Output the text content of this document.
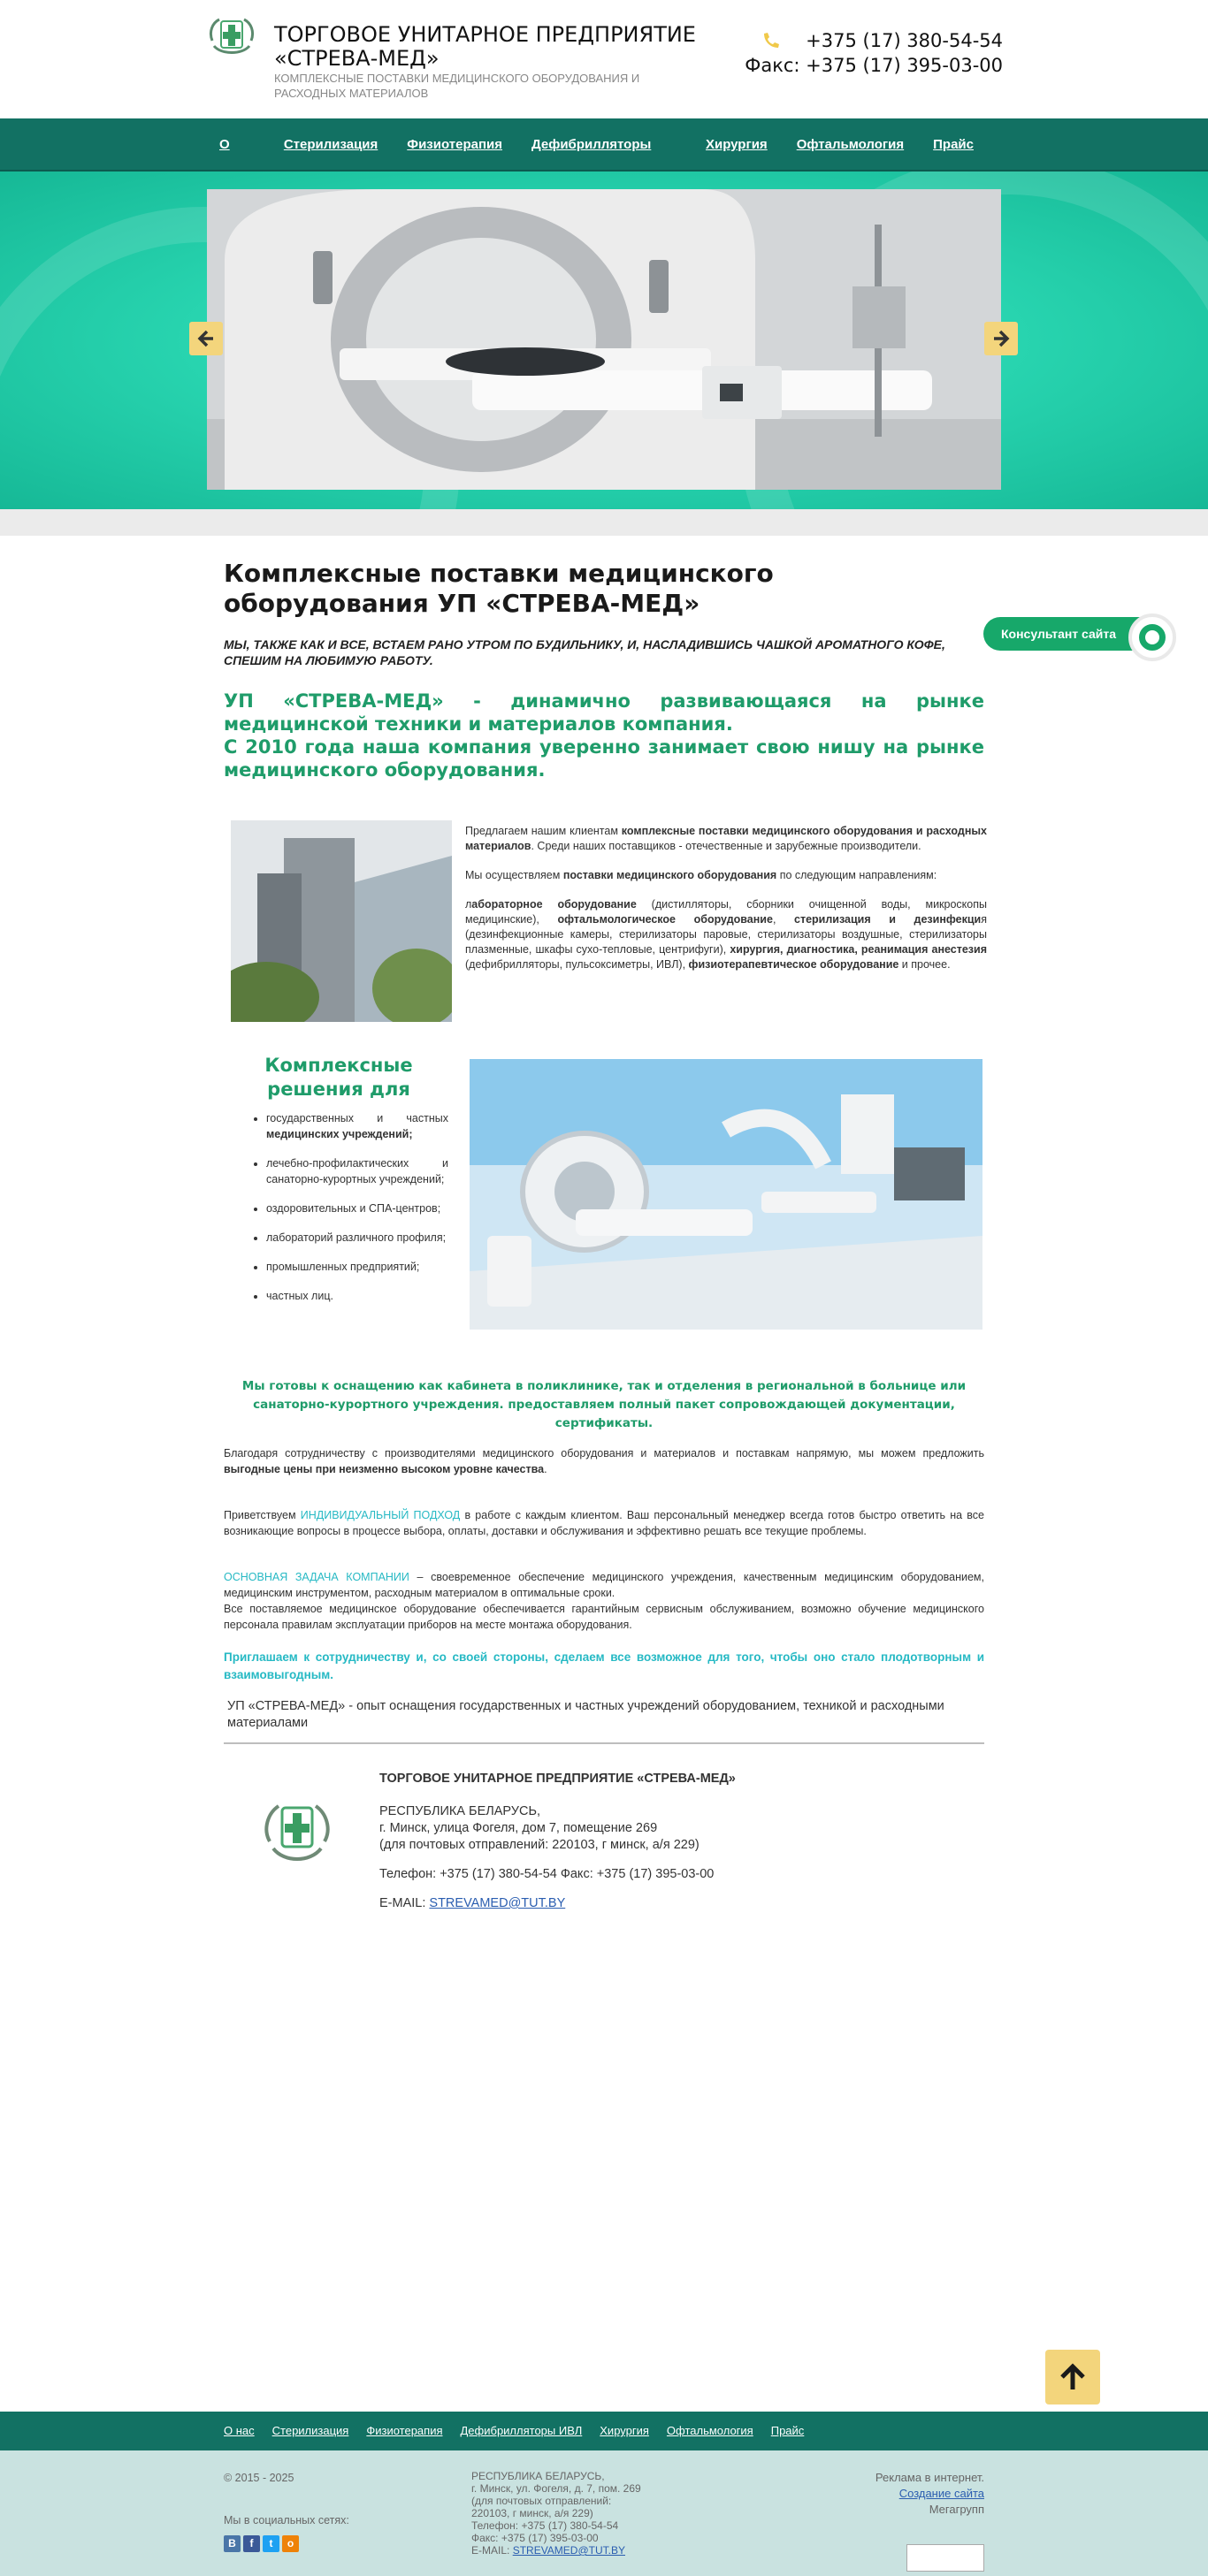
ТОРГОВОЕ УНИТАРНОЕ ПРЕДПРИЯТИЕ
«СТРЕВА-МЕД»
КОМПЛЕКСНЫЕ ПОСТАВКИ МЕДИЦИНСКОГО ОБОРУДОВАНИЯ И РАСХОДНЫХ МАТЕРИАЛОВ
+375 (17) 380-54-54
Факс: +375 (17) 395-03-00
О	Стерилизация Физиотерапия Дефибрилляторы	Хирургия Офтальмология Прайс
Консультант сайта
Комплексные поставки медицинского оборудования УП «СТРЕВА-МЕД»

МЫ, ТАКЖЕ КАК И ВСЕ, ВСТАЕМ РАНО УТРОМ ПО БУДИЛЬНИКУ, И, НАСЛАДИВШИСЬ ЧАШКОЙ АРОМАТНОГО КОФЕ, СПЕШИМ НА ЛЮБИМУЮ РАБОТУ.

УП «СТРЕВА-МЕД» - динамично развивающаяся на рынке медицинской техники и материалов компания.
С 2010 года наша компания уверенно занимает свою нишу на рынке медицинского оборудования.

Предлагаем нашим клиентам комплексные поставки медицинского оборудования и расходных материалов. Среди наших поставщиков - отечественные и зарубежные производители.

Мы осуществляем поставки медицинского оборудования по следующим направлениям:

лабораторное оборудование (дистилляторы, сборники очищенной воды, микроскопы медицинские), офтальмологическое оборудование, стерилизация и дезинфекция (дезинфекционные камеры, стерилизаторы паровые, стерилизаторы воздушные, стерилизаторы плазменные, шкафы сухо-тепловые, центрифуги), хирургия, диагностика, реанимация анестезия (дефибрилляторы, пульсоксиметры, ИВЛ), физиотерапевтическое оборудование и прочее.

Комплексные решения для
• государственных и частных медицинских учреждений;
• лечебно-профилактических и санаторно-курортных учреждений;
• оздоровительных и СПА-центров;
• лабораторий различного профиля;
• промышленных предприятий;
• частных лиц.

Мы готовы к оснащению как кабинета в поликлинике, так и отделения в региональной в больнице или санаторно-курортного учреждения. предоставляем полный пакет сопровождающей документации, сертификаты.

Благодаря сотрудничеству с производителями медицинского оборудования и материалов и поставкам напрямую, мы можем предложить выгодные цены при неизменно высоком уровне качества.

Приветствуем ИНДИВИДУАЛЬНЫЙ ПОДХОД в работе с каждым клиентом. Ваш персональный менеджер всегда готов быстро ответить на все возникающие вопросы в процессе выбора, оплаты, доставки и обслуживания и эффективно решать все текущие проблемы.

ОСНОВНАЯ ЗАДАЧА КОМПАНИИ – своевременное обеспечение медицинского учреждения, качественным медицинским оборудованием, медицинским инструментом, расходным материалом в оптимальные сроки.
Все поставляемое медицинское оборудование обеспечивается гарантийным сервисным обслуживанием, возможно обучение медицинского персонала правилам эксплуатации приборов на месте монтажа оборудования.

Приглашаем к сотрудничеству и, со своей стороны, сделаем все возможное для того, чтобы оно стало плодотворным и взаимовыгодным.

УП «СТРЕВА-МЕД» - опыт оснащения государственных и частных учреждений оборудованием, техникой и расходными материалами

ТОРГОВОЕ УНИТАРНОЕ ПРЕДПРИЯТИЕ «СТРЕВА-МЕД»
РЕСПУБЛИКА БЕЛАРУСЬ,
г. Минск, улица Фогеля, дом 7, помещение 269
(для почтовых отправлений: 220103, г минск, а/я 229)
Телефон: +375 (17) 380-54-54 Факс: +375 (17) 395-03-00
E-MAIL: STREVAMED@TUT.BY
О нас Стерилизация Физиотерапия Дефибрилляторы ИВЛ Хирургия Офтальмология Прайс
© 2015 - 2025
Мы в социальных сетях:
В	f	t	o
РЕСПУБЛИКА БЕЛАРУСЬ,
г. Минск, ул. Фогеля, д. 7, пом. 269
(для почтовых отправлений:
220103, г минск, а/я 229)
Телефон: +375 (17) 380-54-54
Факс: +375 (17) 395-03-00
E-MAIL: STREVAMED@TUT.BY
Реклама в интернет.
Создание сайта
Мегагрупп
